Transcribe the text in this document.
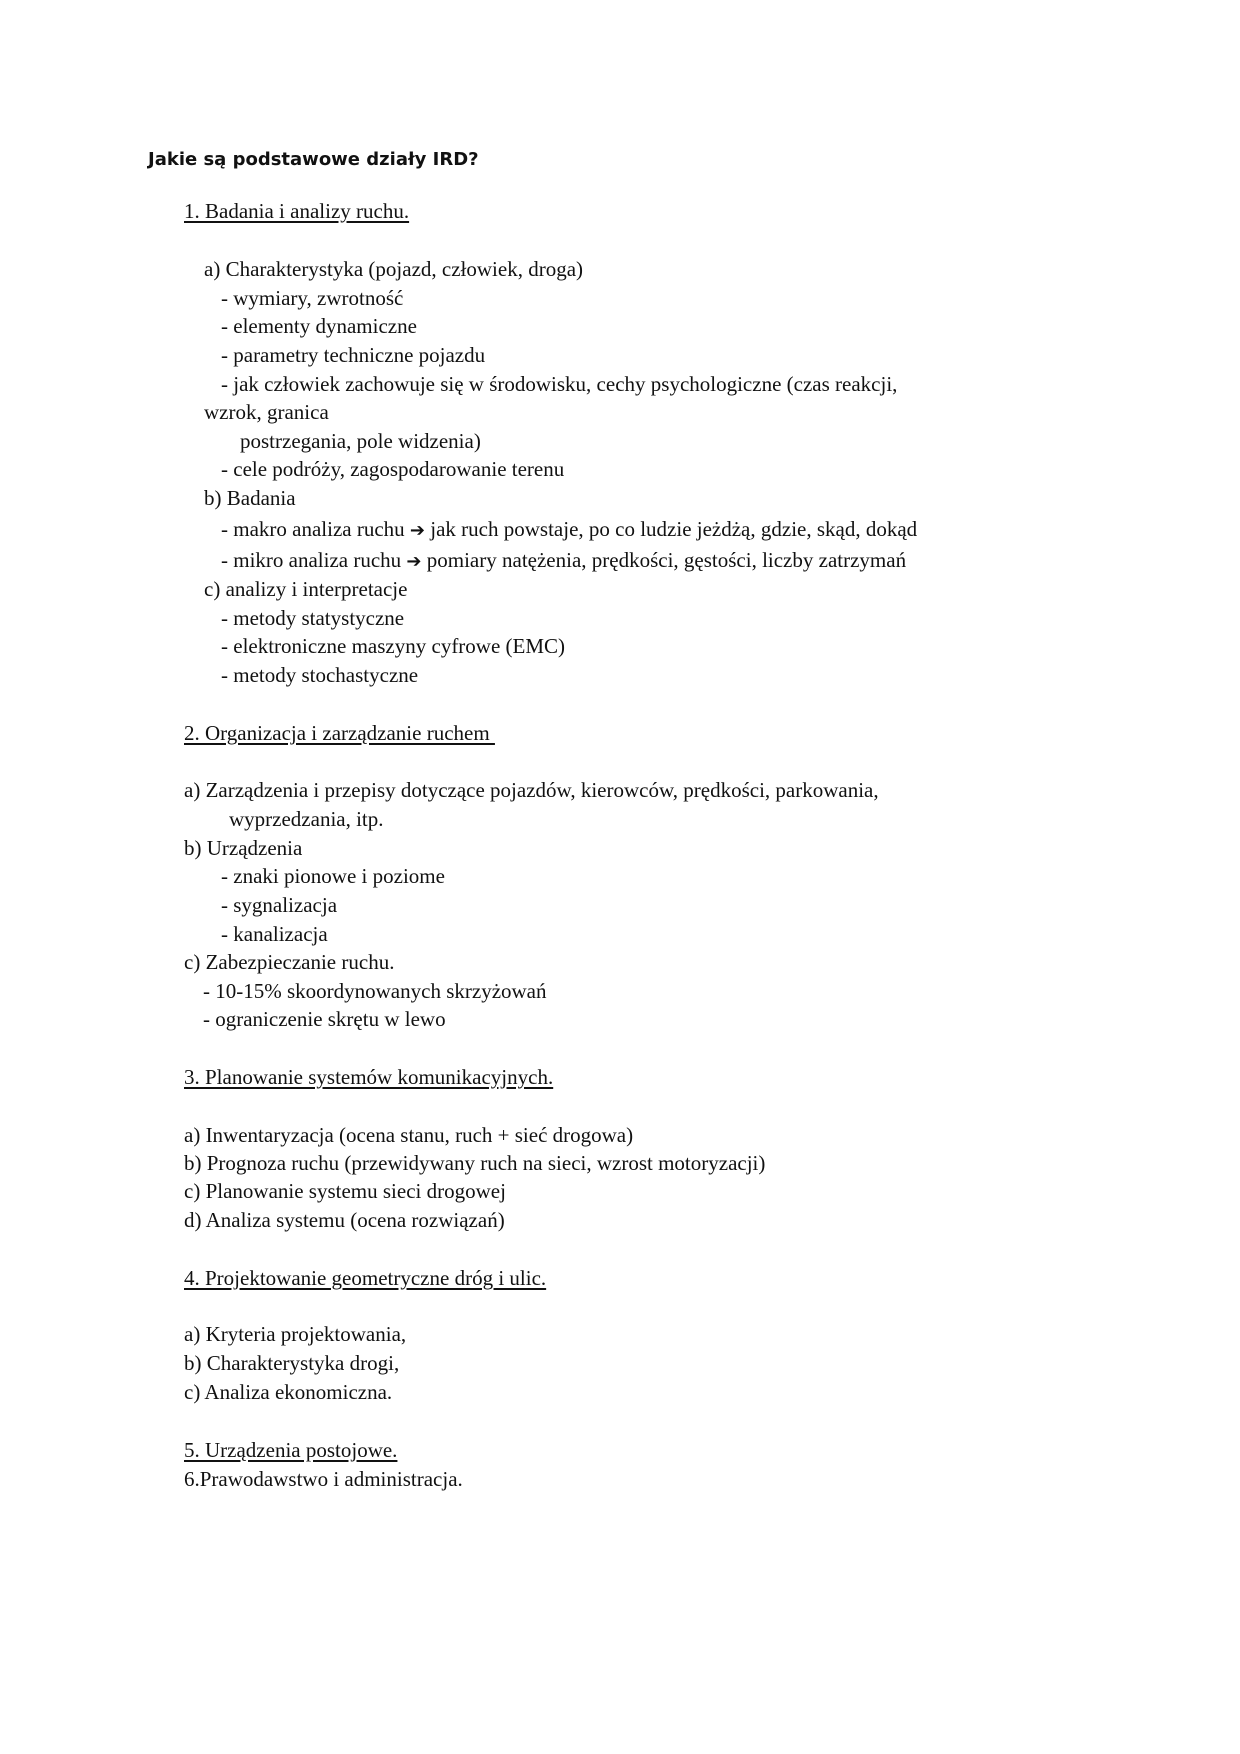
Jakie są podstawowe działy IRD?
1. Badania i analizy ruchu.
a) Charakterystyka (pojazd, człowiek, droga)
- wymiary, zwrotność
- elementy dynamiczne
- parametry techniczne pojazdu
- jak człowiek zachowuje się w środowisku, cechy psychologiczne (czas reakcji,
wzrok, granica
postrzegania, pole widzenia)
- cele podróży, zagospodarowanie terenu
b) Badania
- makro analiza ruchu ➔ jak ruch powstaje, po co ludzie jeżdżą, gdzie, skąd, dokąd
- mikro analiza ruchu ➔ pomiary natężenia, prędkości, gęstości, liczby zatrzymań
c) analizy i interpretacje
- metody statystyczne
- elektroniczne maszyny cyfrowe (EMC)
- metody stochastyczne
2. Organizacja i zarządzanie ruchem
a) Zarządzenia i przepisy dotyczące pojazdów, kierowców, prędkości, parkowania,
wyprzedzania, itp.
b) Urządzenia
- znaki pionowe i poziome
- sygnalizacja
- kanalizacja
c) Zabezpieczanie ruchu.
- 10-15% skoordynowanych skrzyżowań
- ograniczenie skrętu w lewo
3. Planowanie systemów komunikacyjnych.
a) Inwentaryzacja (ocena stanu, ruch + sieć drogowa)
b) Prognoza ruchu (przewidywany ruch na sieci, wzrost motoryzacji)
c) Planowanie systemu sieci drogowej
d) Analiza systemu (ocena rozwiązań)
4. Projektowanie geometryczne dróg i ulic.
a) Kryteria projektowania,
b) Charakterystyka drogi,
c) Analiza ekonomiczna.
5. Urządzenia postojowe.
6.Prawodawstwo i administracja.
